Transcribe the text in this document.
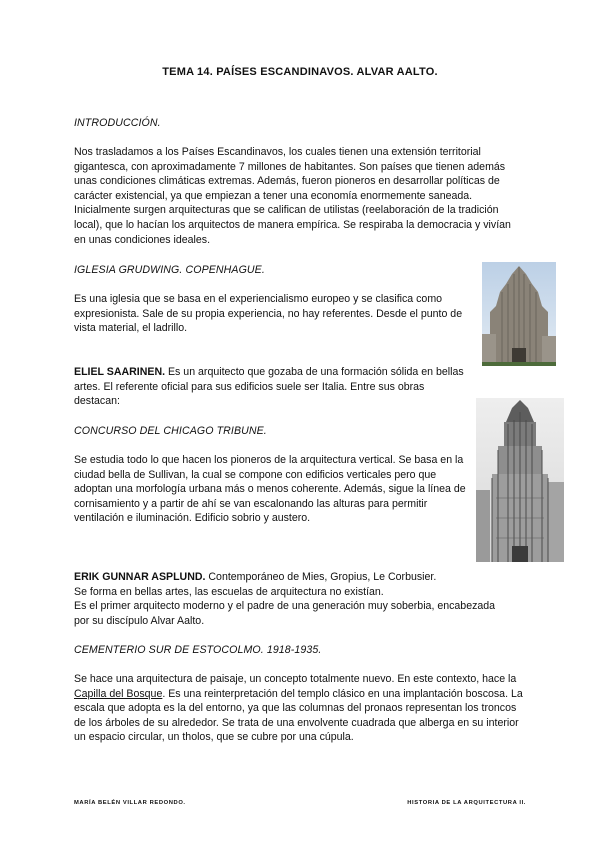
TEMA 14. PAÍSES ESCANDINAVOS. ALVAR AALTO.
INTRODUCCIÓN.
Nos trasladamos a los Países Escandinavos, los cuales tienen una extensión territorial gigantesca, con aproximadamente 7 millones de habitantes. Son países que tienen además unas condiciones climáticas extremas. Además, fueron pioneros en desarrollar políticas de carácter existencial, ya que empiezan a tener una economía enormemente saneada. Inicialmente surgen arquitecturas que se califican de utilistas (reelaboración de la tradición local), que lo hacían los arquitectos de manera empírica. Se respiraba la democracia y vivían en unas condiciones ideales.
IGLESIA GRUDWING. COPENHAGUE.
Es una iglesia que se basa en el experiencialismo europeo y se clasifica como expresionista. Sale de su propia experiencia, no hay referentes. Desde el punto de vista material, el ladrillo.
ELIEL SAARINEN. Es un arquitecto que gozaba de una formación sólida en bellas artes. El referente oficial para sus edificios suele ser Italia. Entre sus obras destacan:
CONCURSO DEL CHICAGO TRIBUNE.
Se estudia todo lo que hacen los pioneros de la arquitectura vertical. Se basa en la ciudad bella de Sullivan, la cual se compone con edificios verticales pero que adoptan una morfología urbana más o menos coherente. Además, sigue la línea de cornisamiento y a partir de ahí se van escalonando las alturas para permitir ventilación e iluminación. Edificio sobrio y austero.

ERIK GUNNAR ASPLUND. Contemporáneo de Mies, Gropius, Le Corbusier.

Se forma en bellas artes, las escuelas de arquitectura no existían.

Es el primer arquitecto moderno y el padre de una generación muy soberbia, encabezada por su discípulo Alvar Aalto.

CEMENTERIO SUR DE ESTOCOLMO. 1918-1935.
Se hace una arquitectura de paisaje, un concepto totalmente nuevo. En este contexto, hace la Capilla del Bosque. Es una reinterpretación del templo clásico en una implantación boscosa. La escala que adopta es la del entorno, ya que las columnas del pronaos representan los troncos de los árboles de su alrededor. Se trata de una envolvente cuadrada que alberga en su interior un espacio circular, un tholos, que se cubre por una cúpula.
MARÍA BELÉN VILLAR REDONDO.	HISTORIA DE LA ARQUITECTURA II.
